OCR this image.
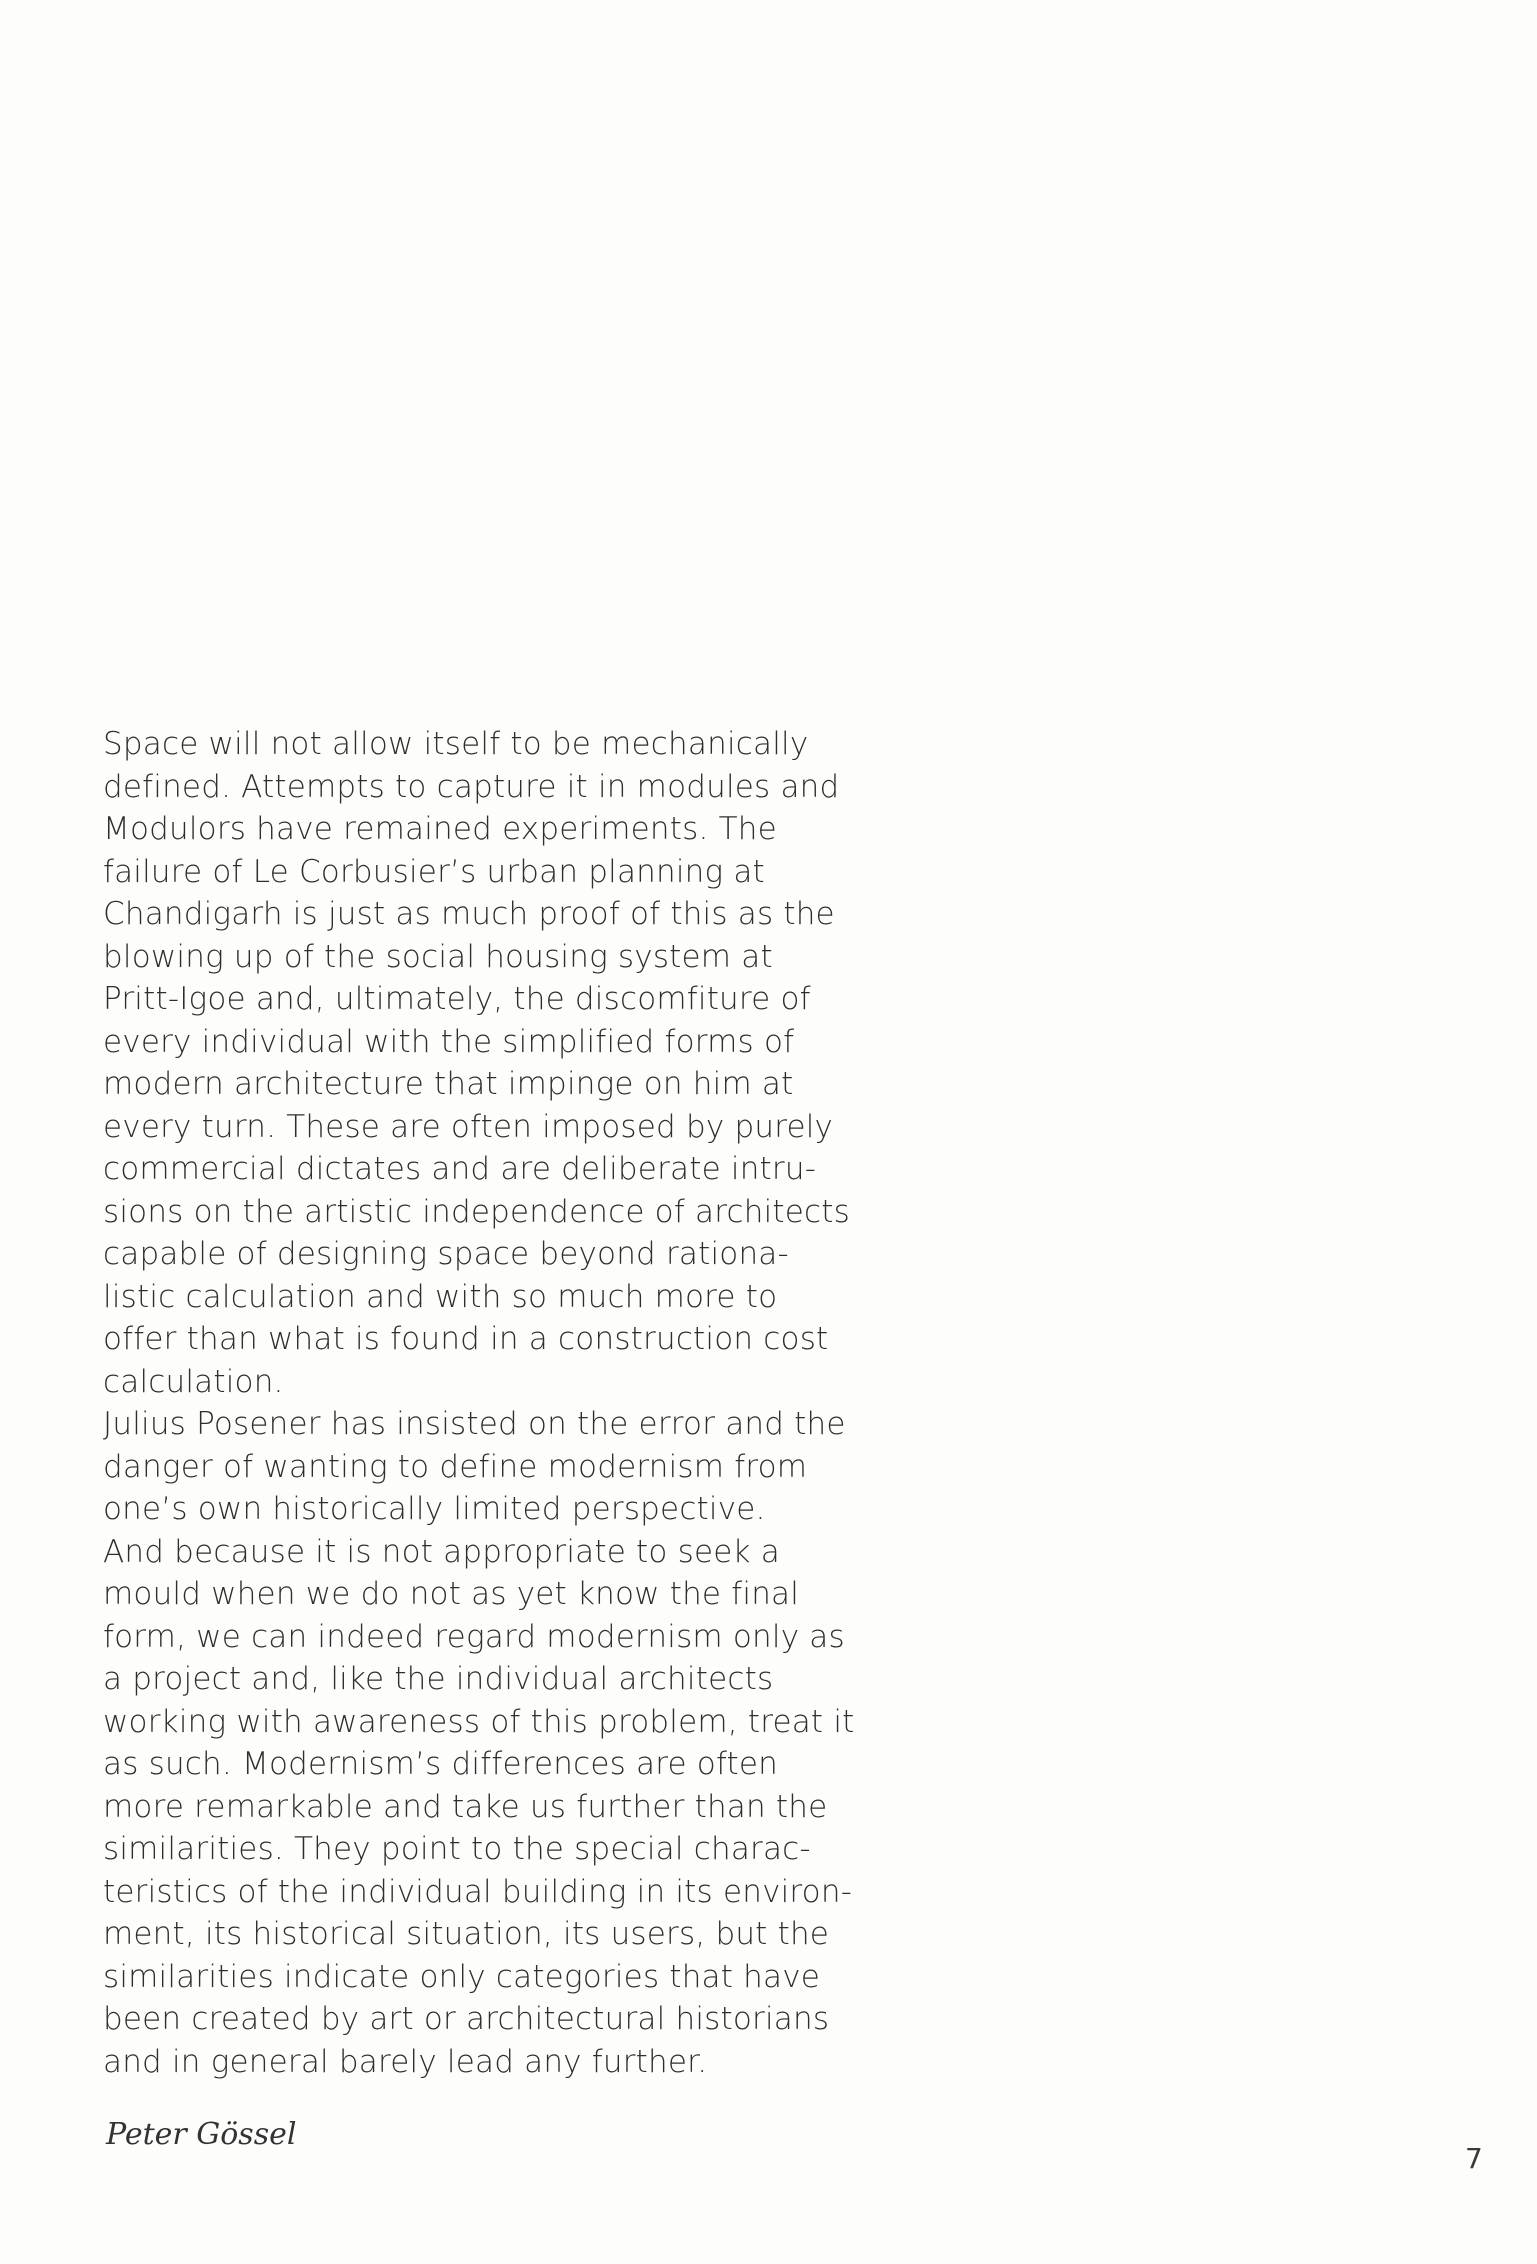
Space will not allow itself to be mechanically
defined. Attempts to capture it in modules and
Modulors have remained experiments. The
failure of Le Corbusier’s urban planning at
Chandigarh is just as much proof of this as the
blowing up of the social housing system at
Pritt-Igoe and, ultimately, the discomfiture of
every individual with the simplified forms of
modern architecture that impinge on him at
every turn. These are often imposed by purely
commercial dictates and are deliberate intru-
sions on the artistic independence of architects
capable of designing space beyond rationa-
listic calculation and with so much more to
offer than what is found in a construction cost
calculation.
Julius Posener has insisted on the error and the
danger of wanting to define modernism from
one’s own historically limited perspective.
And because it is not appropriate to seek a
mould when we do not as yet know the final
form, we can indeed regard modernism only as
a project and, like the individual architects
working with awareness of this problem, treat it
as such. Modernism’s differences are often
more remarkable and take us further than the
similarities. They point to the special charac-
teristics of the individual building in its environ-
ment, its historical situation, its users, but the
similarities indicate only categories that have
been created by art or architectural historians
and in general barely lead any further.
Peter Gössel
7
